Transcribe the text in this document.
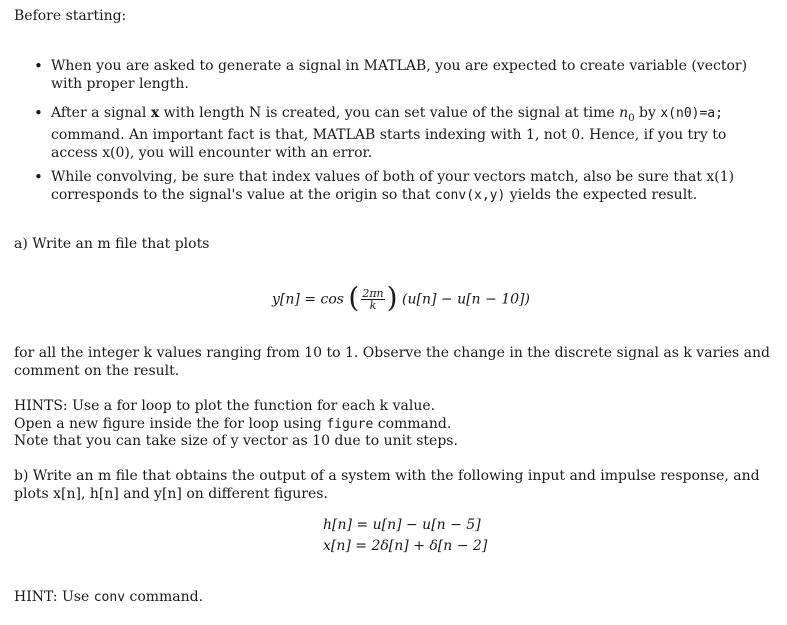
Before starting:
• When you are asked to generate a signal in MATLAB, you are expected to create variable (vector) with proper length.
• After a signal x with length N is created, you can set value of the signal at time $n_0$ by x(n0)=a; command. An important fact is that, MATLAB starts indexing with 1, not 0. Hence, if you try to access x(0), you will encounter with an error.
• While convolving, be sure that index values of both of your vectors match, also be sure that x(1) corresponds to the signal's value at the origin so that conv(x,y) yields the expected result.
a) Write an m file that plots
y[n] = cos ( $\frac{2\pi n}{k}$ ) (u[n] − u[n − 10])
for all the integer k values ranging from 10 to 1. Observe the change in the discrete signal as k varies and comment on the result.
HINTS: Use a for loop to plot the function for each k value.
Open a new figure inside the for loop using figure command.
Note that you can take size of y vector as 10 due to unit steps.
b) Write an m file that obtains the output of a system with the following input and impulse response, and plots x[n], h[n] and y[n] on different figures.
h[n] = u[n] − u[n − 5]
x[n] = 2δ[n] + δ[n − 2]
HINT: Use conv command.
